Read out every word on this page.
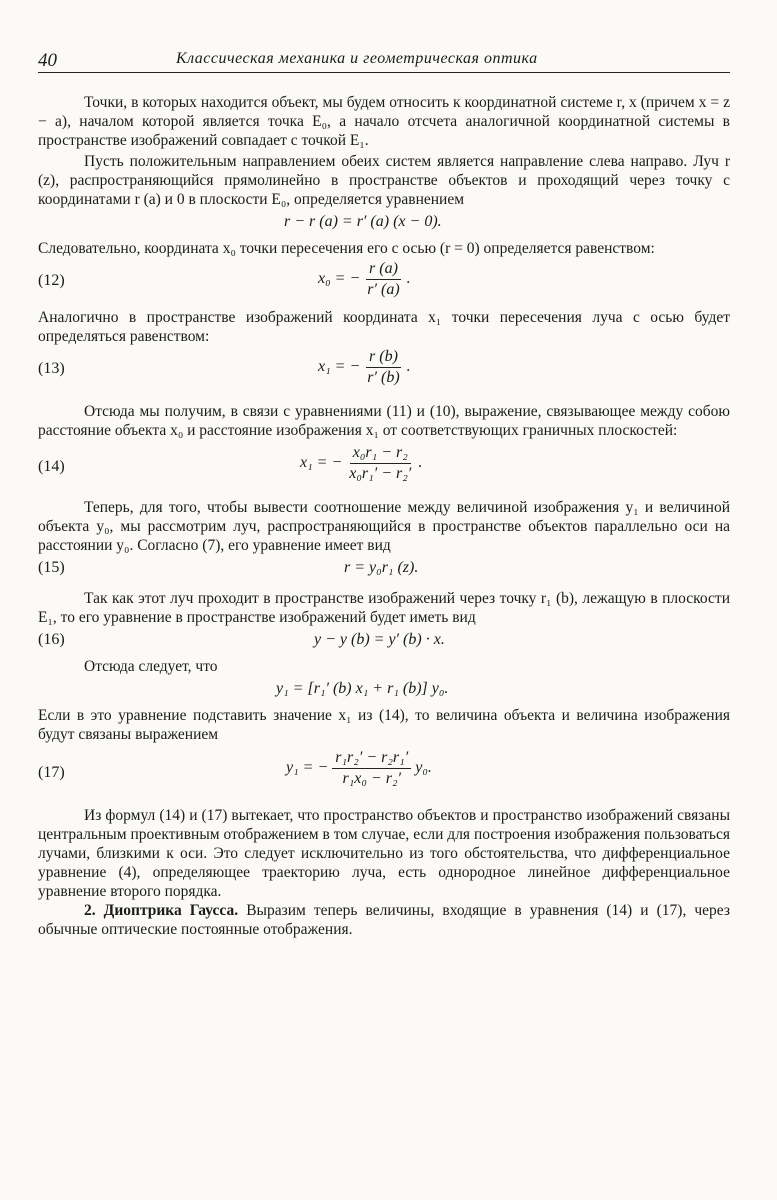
40	Классическая механика и геометрическая оптика

Точки, в которых находится объект, мы будем относить к координатной системе r, x (причем x = z − a), началом которой является точка E₀, а начало отсчета аналогичной координатной системы в пространстве изображений совпадает с точкой E₁.

Пусть положительным направлением обеих систем является направление слева направо. Луч r (z), распространяющийся прямолинейно в пространстве объектов и проходящий через точку с координатами r (a) и 0 в плоскости E₀, определяется уравнением

r − r (a) = r′ (a) (x − 0).

Следовательно, координата x₀ точки пересечения его с осью (r = 0) определяется равенством:

(12)	x₀ = − $\frac{r (a)}{r' (a)}$ .

Аналогично в пространстве изображений координата x₁ точки пересечения луча с осью будет определяться равенством:

(13)	x₁ = − $\frac{r (b)}{r' (b)}$ .

Отсюда мы получим, в связи с уравнениями (11) и (10), выражение, связывающее между собою расстояние объекта x₀ и расстояние изображения x₁ от соответствующих граничных плоскостей:

(14)	x₁ = − $\frac{\text{x₀r₁ − r₂}}{\text{x₀r₁′ − r₂′}}$ .

Теперь, для того, чтобы вывести соотношение между величиной изображения y₁ и величиной объекта y₀, мы рассмотрим луч, распространяющийся в пространстве объектов параллельно оси на расстоянии y₀. Согласно (7), его уравнение имеет вид

(15)	r = y₀r₁ (z).

Так как этот луч проходит в пространстве изображений через точку r₁ (b), лежащую в плоскости E₁, то его уравнение в пространстве изображений будет иметь вид

(16)	y − y (b) = y′ (b) · x.

Отсюда следует, что

y₁ = [r₁′ (b) x₁ + r₁ (b)] y₀.

Если в это уравнение подставить значение x₁ из (14), то величина объекта и величина изображения будут связаны выражением

(17)	y₁ = − $\frac{\text{r₁r₂′ − r₂r₁′}}{\text{r₁x₀ − r₂′}} y_0$.

Из формул (14) и (17) вытекает, что пространство объектов и пространство изображений связаны центральным проективным отображением в том случае, если для построения изображения пользоваться лучами, близкими к оси. Это следует исключительно из того обстоятельства, что дифференциальное уравнение (4), определяющее траекторию луча, есть однородное линейное дифференциальное уравнение второго порядка.

2. Диоптрика Гаусса. Выразим теперь величины, входящие в уравнения (14) и (17), через обычные оптические постоянные отображения.
